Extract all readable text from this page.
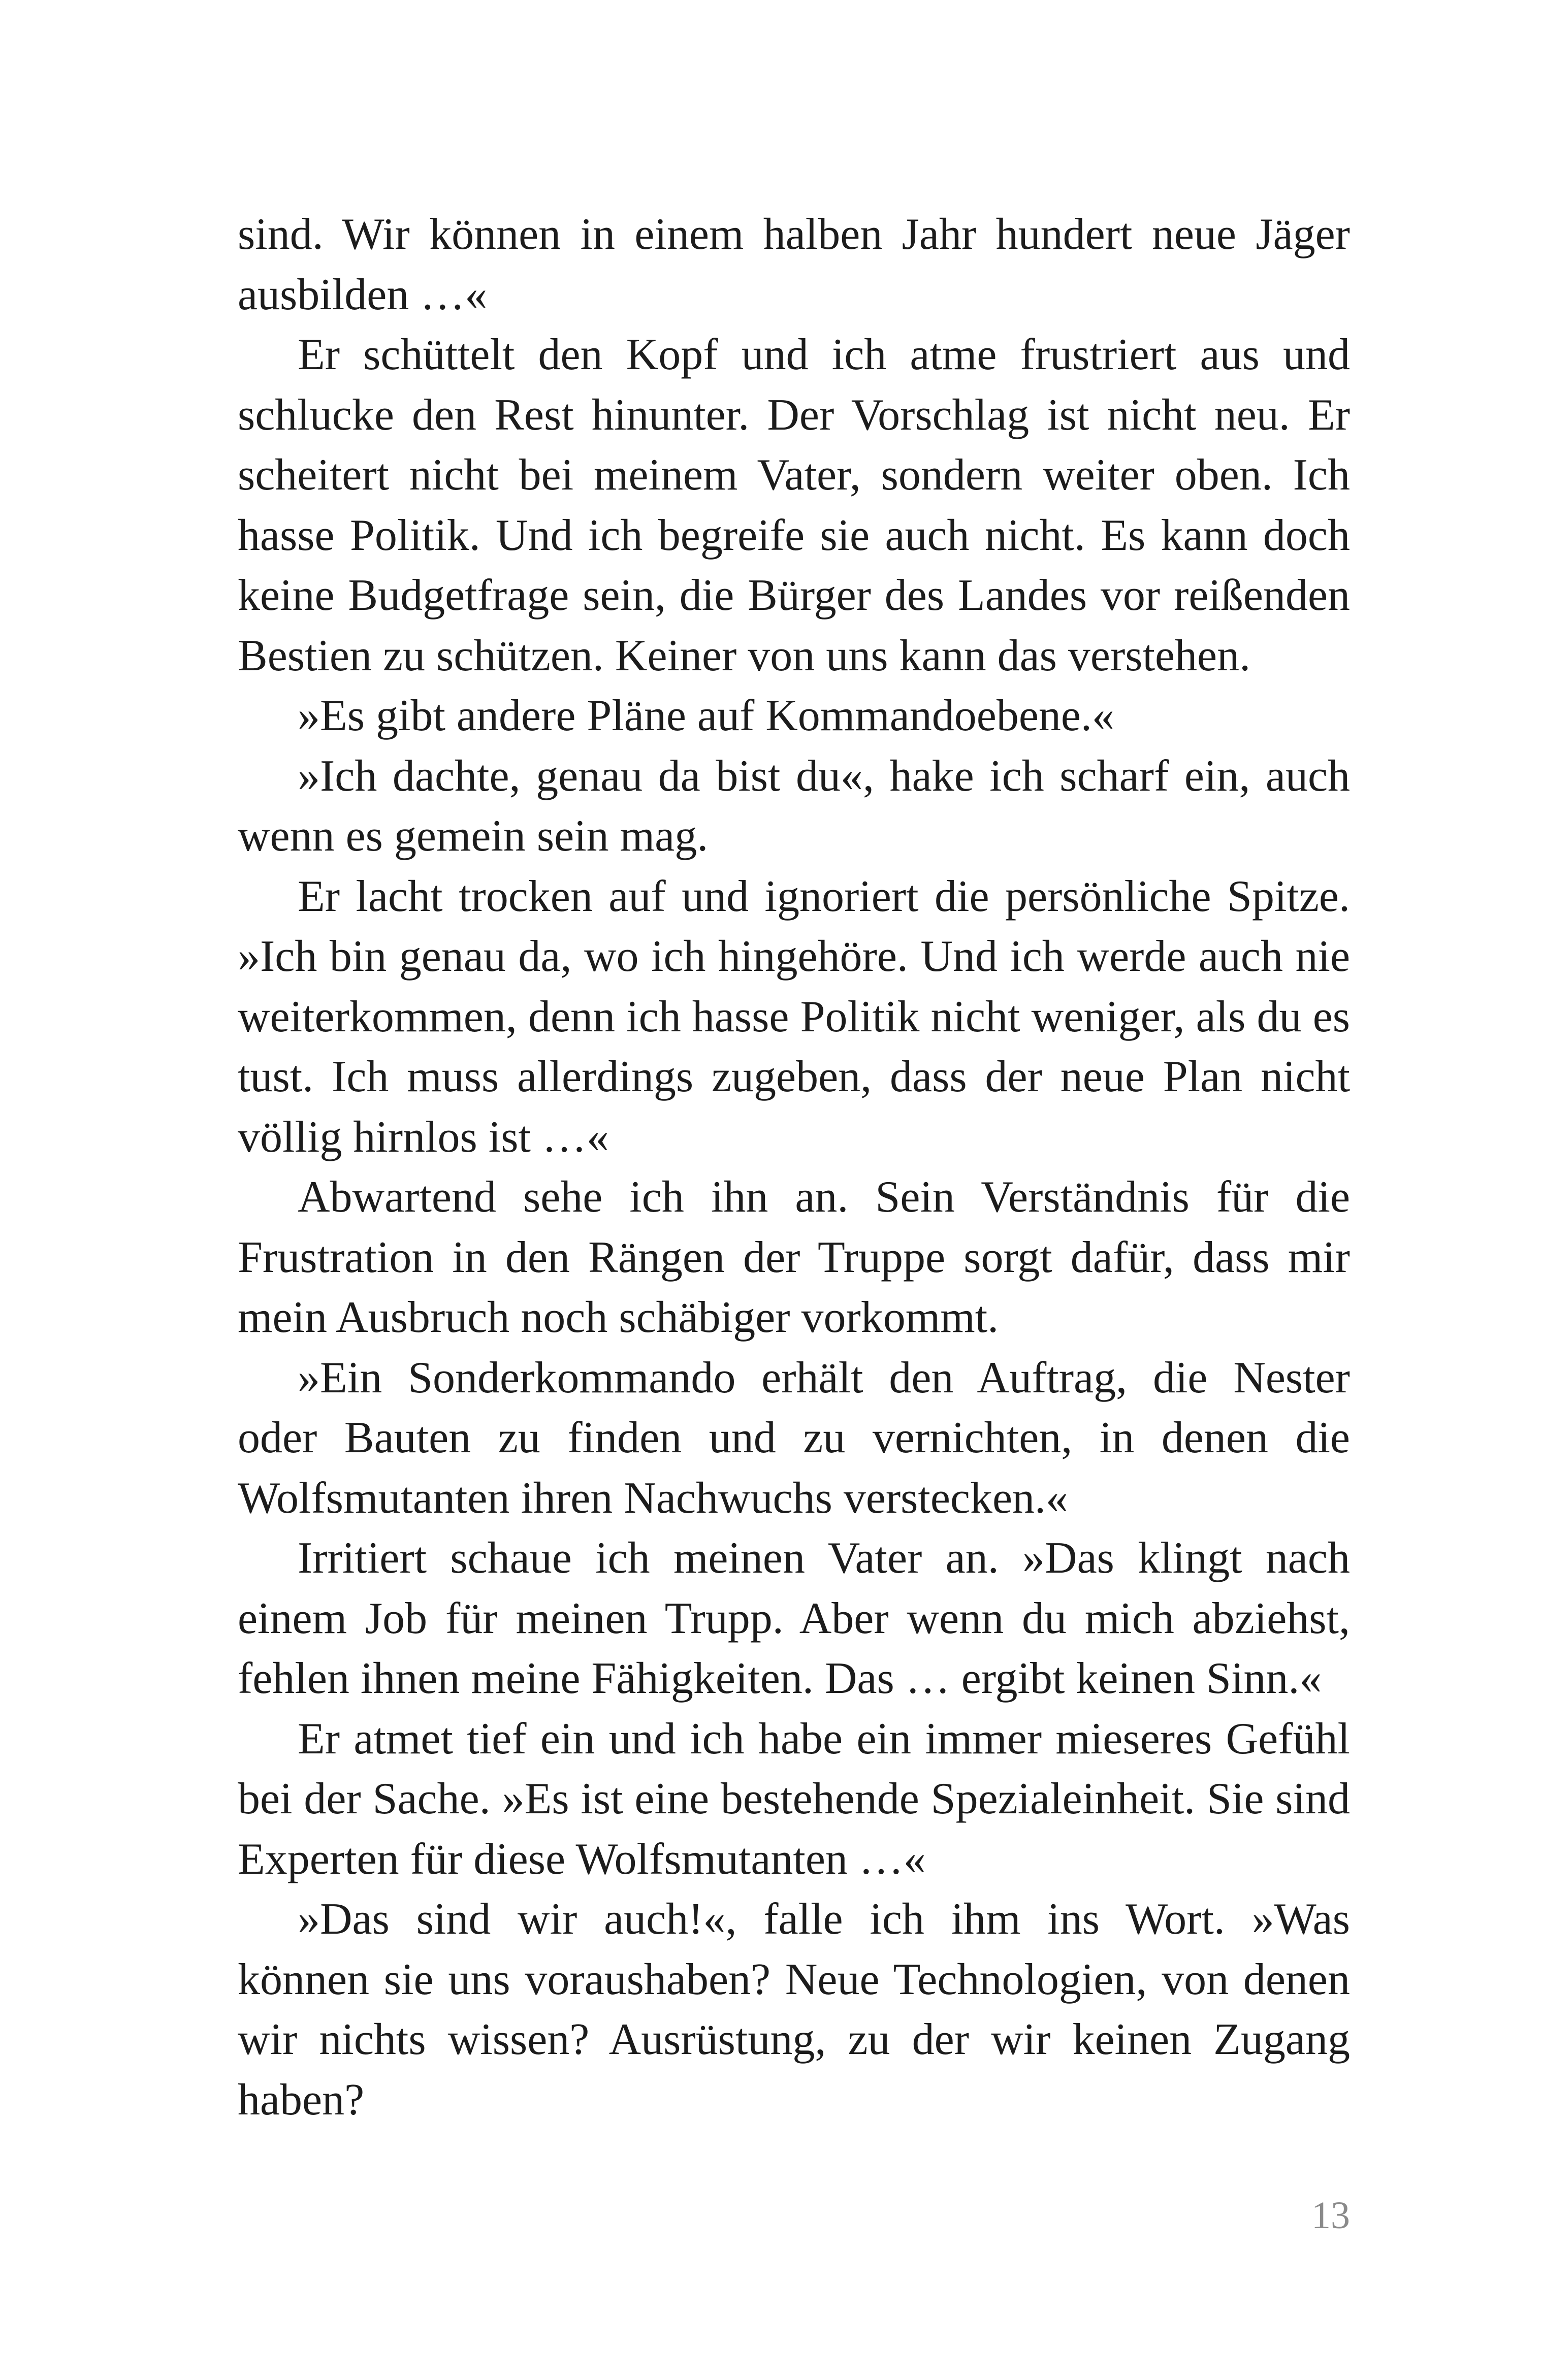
sind. Wir können in einem halben Jahr hundert neue Jäger ausbilden …«

Er schüttelt den Kopf und ich atme frustriert aus und schlucke den Rest hinunter. Der Vorschlag ist nicht neu. Er scheitert nicht bei meinem Vater, sondern weiter oben. Ich hasse Politik. Und ich begreife sie auch nicht. Es kann doch keine Budgetfrage sein, die Bürger des Landes vor reißenden Bestien zu schützen. Keiner von uns kann das verstehen.

»Es gibt andere Pläne auf Kommandoebene.«

»Ich dachte, genau da bist du«, hake ich scharf ein, auch wenn es gemein sein mag.

Er lacht trocken auf und ignoriert die persönliche Spitze. »Ich bin genau da, wo ich hingehöre. Und ich werde auch nie weiterkommen, denn ich hasse Politik nicht weniger, als du es tust. Ich muss allerdings zugeben, dass der neue Plan nicht völlig hirnlos ist …«

Abwartend sehe ich ihn an. Sein Verständnis für die Frustration in den Rängen der Truppe sorgt dafür, dass mir mein Ausbruch noch schäbiger vorkommt.

»Ein Sonderkommando erhält den Auftrag, die Nester oder Bauten zu finden und zu vernichten, in denen die Wolfsmutanten ihren Nachwuchs verstecken.«

Irritiert schaue ich meinen Vater an. »Das klingt nach einem Job für meinen Trupp. Aber wenn du mich abziehst, fehlen ihnen meine Fähigkeiten. Das … ergibt keinen Sinn.«

Er atmet tief ein und ich habe ein immer mieseres Gefühl bei der Sache. »Es ist eine bestehende Spezialeinheit. Sie sind Experten für diese Wolfsmutanten …«

»Das sind wir auch!«, falle ich ihm ins Wort. »Was können sie uns voraushaben? Neue Technologien, von denen wir nichts wissen? Ausrüstung, zu der wir keinen Zugang haben?

13
